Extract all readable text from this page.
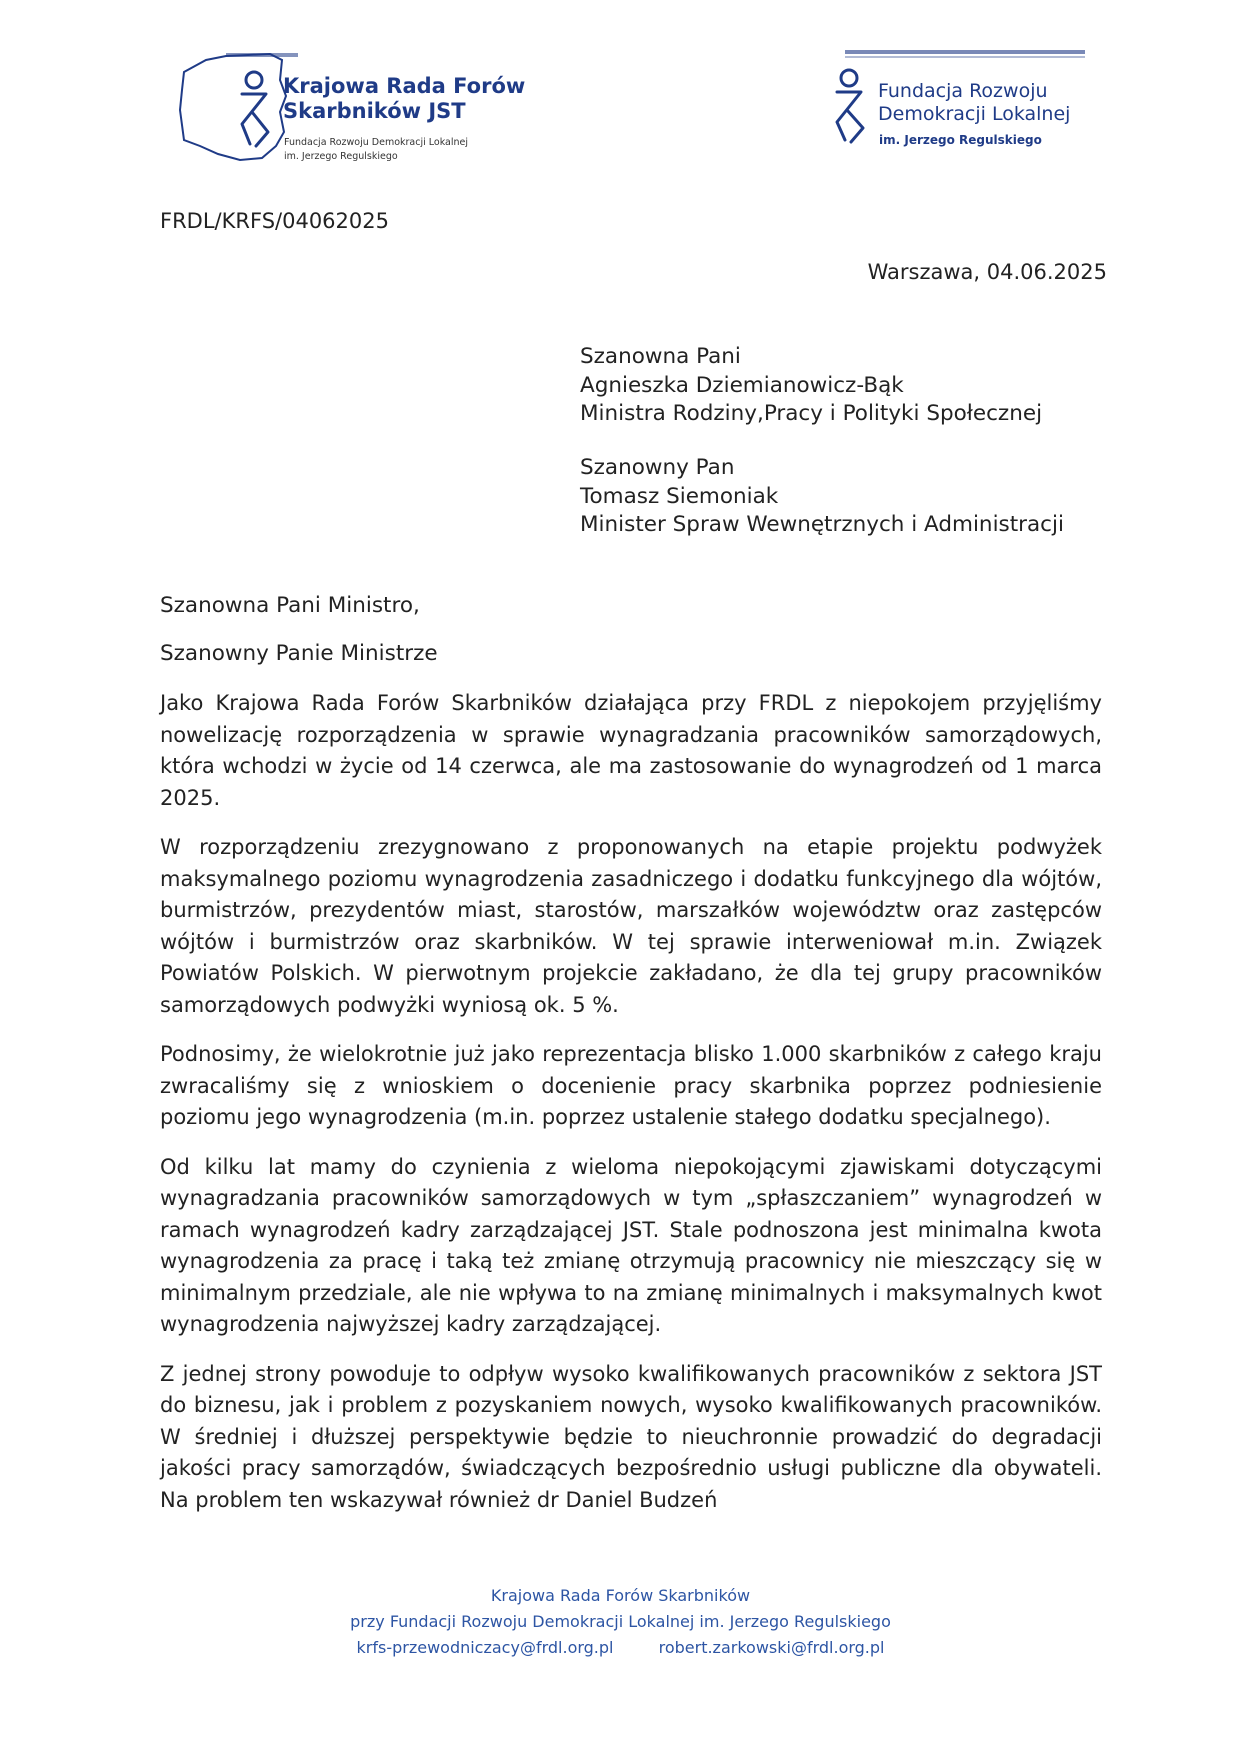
Krajowa Rada Forów
Skarbników JST
Fundacja Rozwoju Demokracji Lokalnej
im. Jerzego Regulskiego
Fundacja Rozwoju
Demokracji Lokalnej
im. Jerzego Regulskiego
FRDL/KRFS/04062025
Warszawa, 04.06.2025
Szanowna Pani
Agnieszka Dziemianowicz-Bąk
Ministra Rodziny,Pracy i Polityki Społecznej
Szanowny Pan
Tomasz Siemoniak
Minister Spraw Wewnętrznych i Administracji
Szanowna Pani Ministro,
Szanowny Panie Ministrze

Jako Krajowa Rada Forów Skarbników działająca przy FRDL z niepokojem przyjęliśmy nowelizację rozporządzenia w sprawie wynagradzania pracowników samorządowych, która wchodzi w życie od 14 czerwca, ale ma zastosowanie do wynagrodzeń od 1 marca 2025.

W rozporządzeniu zrezygnowano z proponowanych na etapie projektu podwyżek maksymalnego poziomu wynagrodzenia zasadniczego i dodatku funkcyjnego dla wójtów, burmistrzów, prezydentów miast, starostów, marszałków województw oraz zastępców wójtów i burmistrzów oraz skarbników. W tej sprawie interweniował m.in. Związek Powiatów Polskich. W pierwotnym projekcie zakładano, że dla tej grupy pracowników samorządowych podwyżki wyniosą ok. 5 %.

Podnosimy, że wielokrotnie już jako reprezentacja blisko 1.000 skarbników z całego kraju zwracaliśmy się z wnioskiem o docenienie pracy skarbnika poprzez podniesienie poziomu jego wynagrodzenia (m.in. poprzez ustalenie stałego dodatku specjalnego).

Od kilku lat mamy do czynienia z wieloma niepokojącymi zjawiskami dotyczącymi wynagradzania pracowników samorządowych w tym „spłaszczaniem” wynagrodzeń w ramach wynagrodzeń kadry zarządzającej JST. Stale podnoszona jest minimalna kwota wynagrodzenia za pracę i taką też zmianę otrzymują pracownicy nie mieszczący się w minimalnym przedziale, ale nie wpływa to na zmianę minimalnych i maksymalnych kwot wynagrodzenia najwyższej kadry zarządzającej.

Z jednej strony powoduje to odpływ wysoko kwalifikowanych pracowników z sektora JST do biznesu, jak i problem z pozyskaniem nowych, wysoko kwalifikowanych pracowników. W średniej i dłuższej perspektywie będzie to nieuchronnie prowadzić do degradacji jakości pracy samorządów, świadczących bezpośrednio usługi publiczne dla obywateli. Na problem ten wskazywał również dr Daniel Budzeń

Krajowa Rada Forów Skarbników
przy Fundacji Rozwoju Demokracji Lokalnej im. Jerzego Regulskiego
krfs-przewodniczacy@frdl.org.pl	robert.zarkowski@frdl.org.pl
